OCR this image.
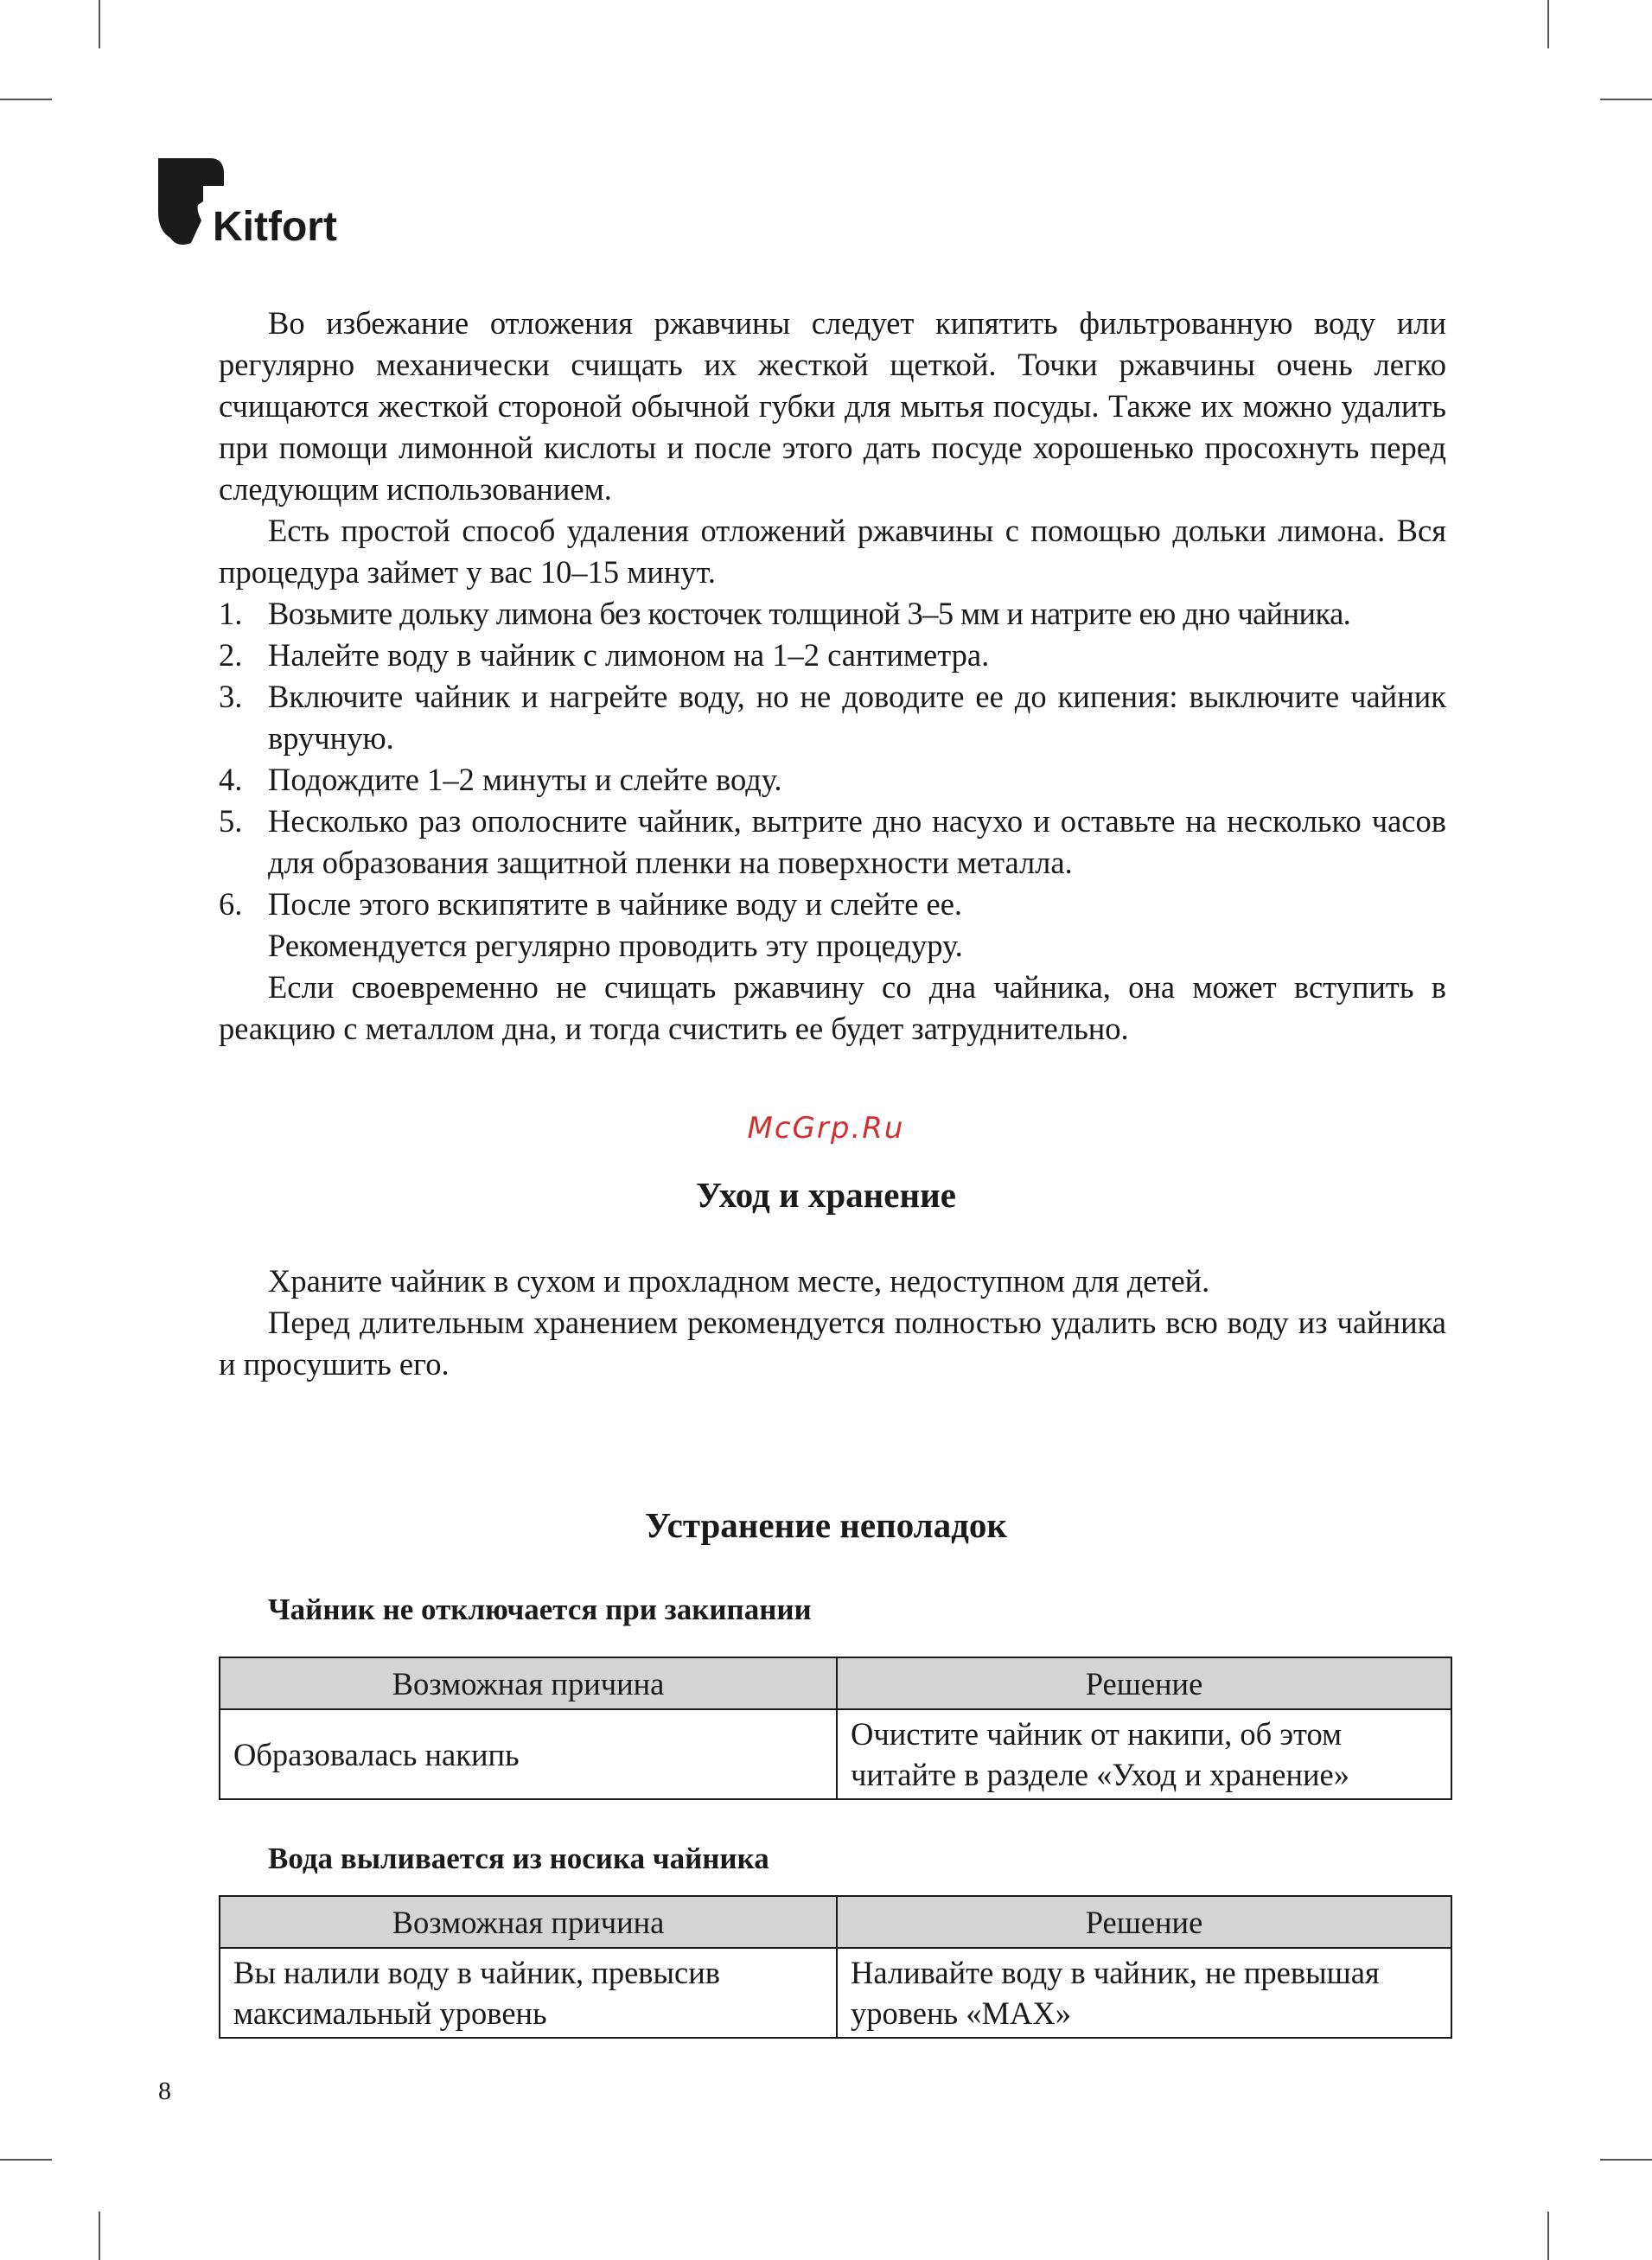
Kitfort

Во избежание отложения ржавчины следует кипятить фильтрованную воду или регулярно механически счищать их жесткой щеткой. Точки ржавчины очень легко счищаются жесткой стороной обычной губки для мытья посуды. Также их можно удалить при помощи лимонной кислоты и после этого дать посуде хорошенько просохнуть перед следующим использованием.

Есть простой способ удаления отложений ржавчины с помощью дольки лимона. Вся процедура займет у вас 10–15 минут.

1. Возьмите дольку лимона без косточек толщиной 3–5 мм и натрите ею дно чайника.
2. Налейте воду в чайник с лимоном на 1–2 сантиметра.
3. Включите чайник и нагрейте воду, но не доводите ее до кипения: выключите чайник вручную.
4. Подождите 1–2 минуты и слейте воду.
5. Несколько раз ополосните чайник, вытрите дно насухо и оставьте на несколько часов для образования защитной пленки на поверхности металла.
6. После этого вскипятите в чайнике воду и слейте ее.

Рекомендуется регулярно проводить эту процедуру.

Если своевременно не счищать ржавчину со дна чайника, она может вступить в реакцию с металлом дна, и тогда счистить ее будет затруднительно.

McGrp.Ru
Уход и хранение

Храните чайник в сухом и прохладном месте, недоступном для детей.

Перед длительным хранением рекомендуется полностью удалить всю воду из чайника и просушить его.

Устранение неполадок
Чайник не отключается при закипании
Возможная причина	Решение
Образовалась накипь	Очистите чайник от накипи, об этом читайте в разделе «Уход и хранение»
Вода выливается из носика чайника
Возможная причина	Решение
Вы налили воду в чайник, превысив максимальный уровень	Наливайте воду в чайник, не превышая уровень «MAX»
8
